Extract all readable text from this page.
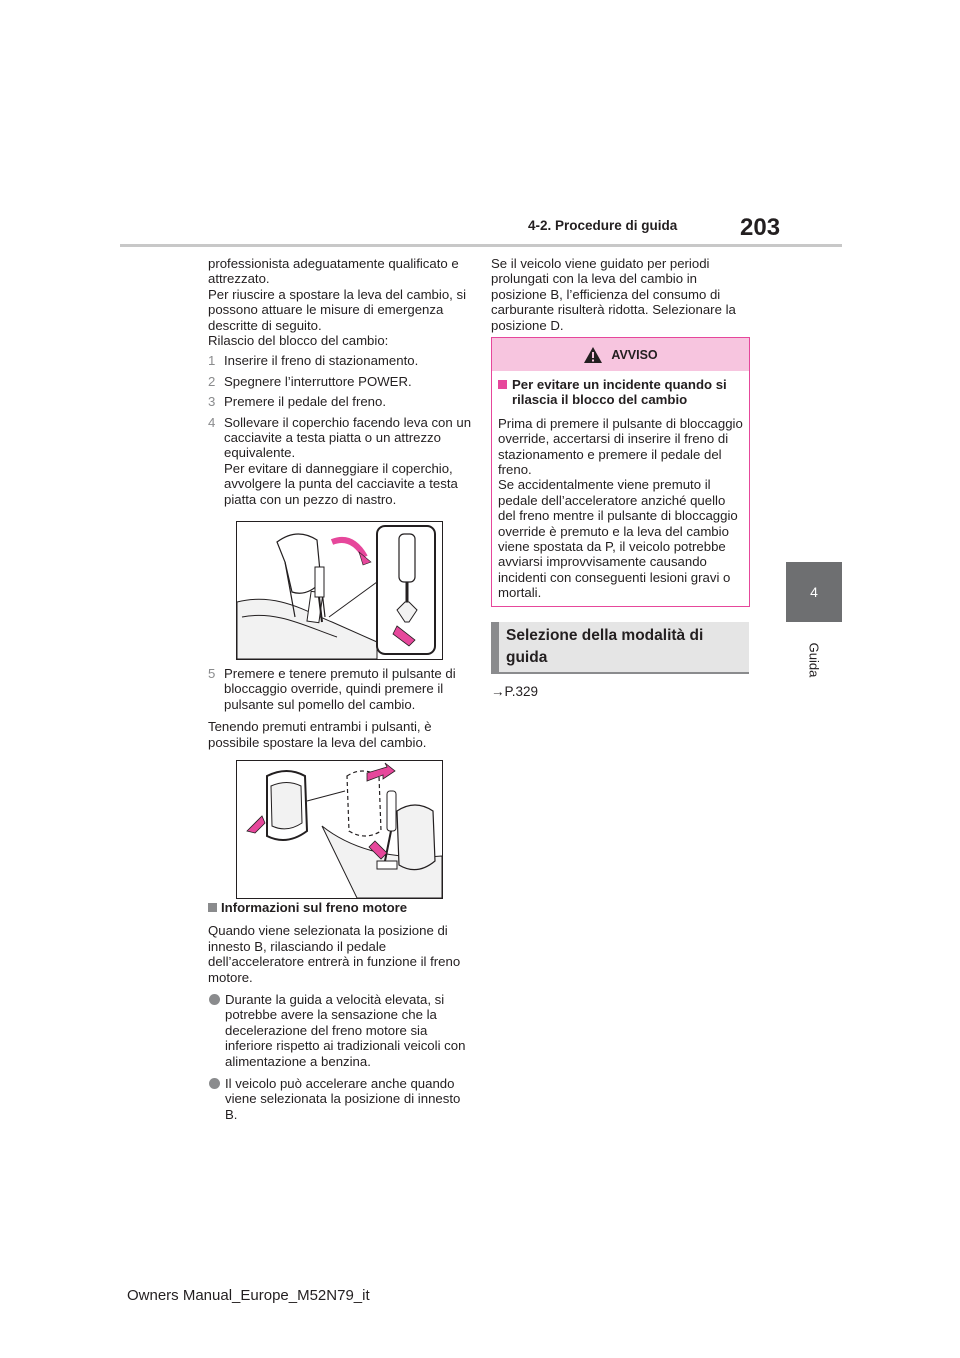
4-2. Procedure di guida	203
4
Guida

professionista adeguatamente qualificato e attrezzato.

Per riuscire a spostare la leva del cambio, si possono attuare le misure di emergenza descritte di seguito.

Rilascio del blocco del cambio:

1 Inserire il freno di stazionamento.
2 Spegnere l’interruttore POWER.
3 Premere il pedale del freno.
4 Sollevare il coperchio facendo leva con un cacciavite a testa piatta o un attrezzo equivalente.

Per evitare di danneggiare il coperchio, avvolgere la punta del cacciavite a testa piatta con un pezzo di nastro.

5 Premere e tenere premuto il pulsante di bloccaggio override, quindi premere il pulsante sul pomello del cambio.

Tenendo premuti entrambi i pulsanti, è possibile spostare la leva del cambio.

Informazioni sul freno motore

Quando viene selezionata la posizione di innesto B, rilasciando il pedale dell’acceleratore entrerà in funzione il freno motore.

Durante la guida a velocità elevata, si potrebbe avere la sensazione che la decelerazione del freno motore sia inferiore rispetto ai tradizionali veicoli con alimentazione a benzina.
Il veicolo può accelerare anche quando viene selezionata la posizione di innesto B.

Se il veicolo viene guidato per periodi prolungati con la leva del cambio in posizione B, l’efficienza del consumo di carburante risulterà ridotta. Selezionare la posizione D.

AVVISO
Per evitare un incidente quando si rilascia il blocco del cambio

Prima di premere il pulsante di bloccaggio override, accertarsi di inserire il freno di stazionamento e premere il pedale del freno.

Se accidentalmente viene premuto il pedale dell’acceleratore anziché quello del freno mentre il pulsante di bloccaggio override è premuto e la leva del cambio viene spostata da P, il veicolo potrebbe avviarsi improvvisamente causando incidenti con conseguenti lesioni gravi o mortali.

Selezione della modalità di guida
→P.329
Owners Manual_Europe_M52N79_it
